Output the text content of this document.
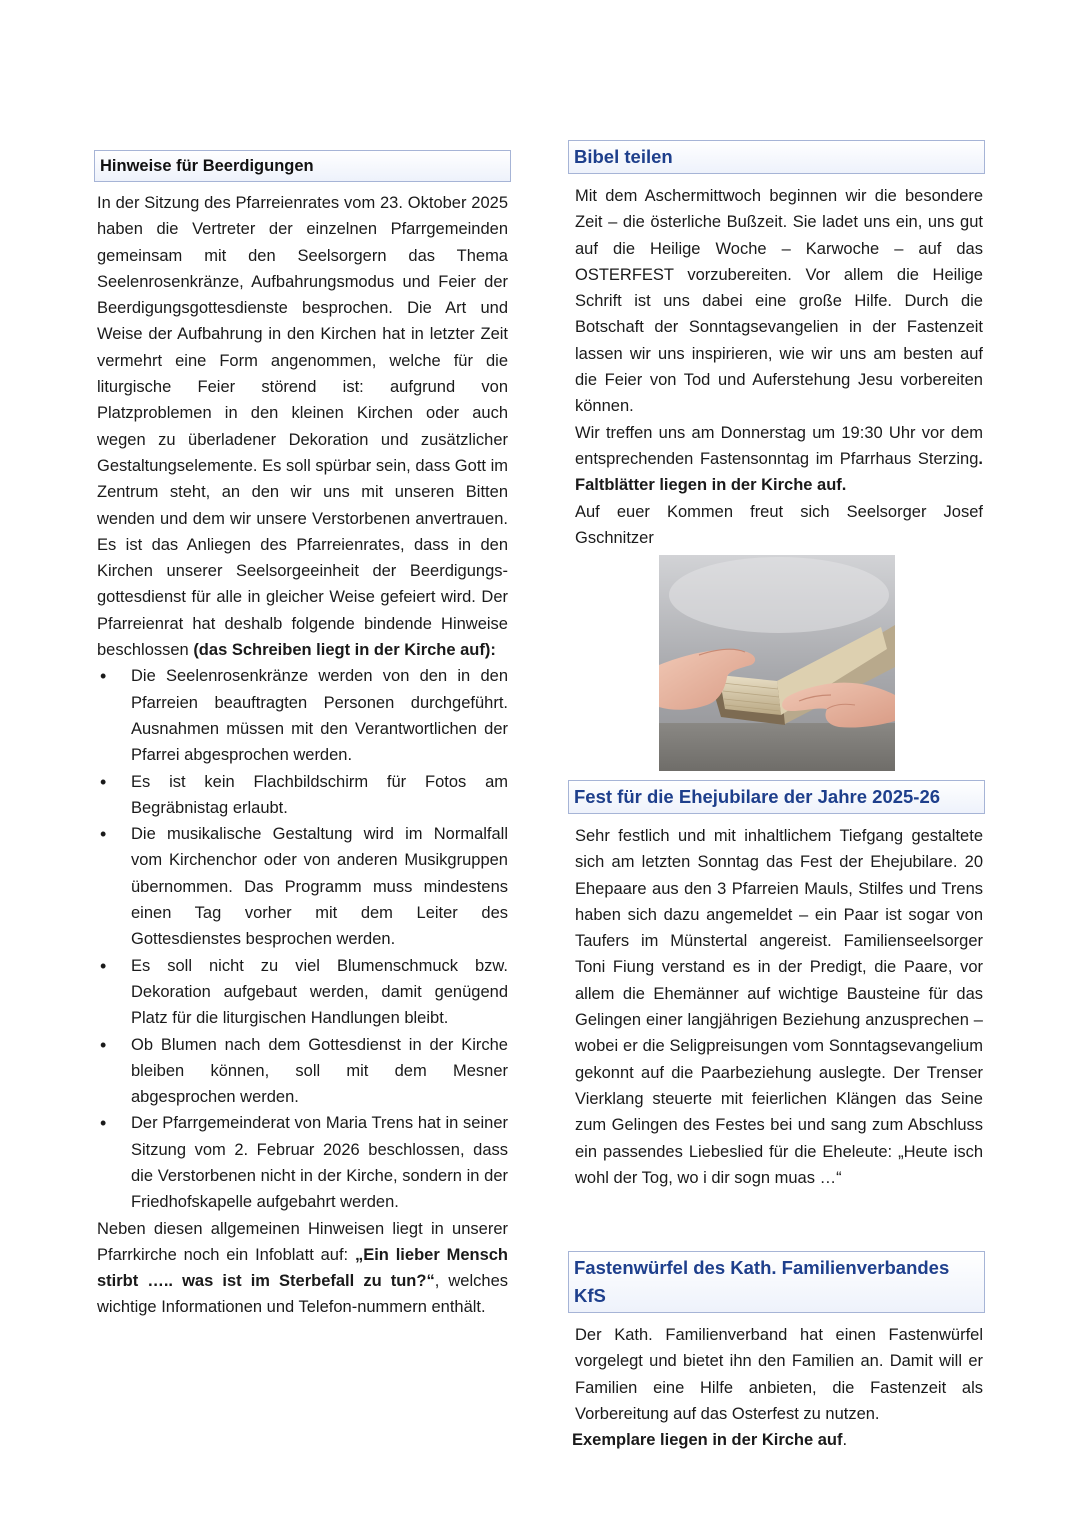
Hinweise für Beerdigungen

In der Sitzung des Pfarreienrates vom 23. Oktober 2025 haben die Vertreter der einzelnen Pfarrgemeinden gemeinsam mit den Seelsorgern das Thema Seelenrosenkränze, Aufbahrungsmodus und Feier der Beerdigungsgottesdienste besprochen. Die Art und Weise der Aufbahrung in den Kirchen hat in letzter Zeit vermehrt eine Form angenommen, welche für die liturgische Feier störend ist: aufgrund von Platzproblemen in den kleinen Kirchen oder auch wegen zu überladener Dekoration und zusätzlicher Gestaltungselemente. Es soll spürbar sein, dass Gott im Zentrum steht, an den wir uns mit unseren Bitten wenden und dem wir unsere Verstorbenen anvertrauen. Es ist das Anliegen des Pfarreienrates, dass in den Kirchen unserer Seelsorgeeinheit der Beerdigungs-gottesdienst für alle in gleicher Weise gefeiert wird. Der Pfarreienrat hat deshalb folgende bindende Hinweise beschlossen (das Schreiben liegt in der Kirche auf):

• Die Seelenrosenkränze werden von den in den Pfarreien beauftragten Personen durchgeführt. Ausnahmen müssen mit den Verantwortlichen der Pfarrei abgesprochen werden.
• Es ist kein Flachbildschirm für Fotos am Begräbnistag erlaubt.
• Die musikalische Gestaltung wird im Normalfall vom Kirchenchor oder von anderen Musikgruppen übernommen. Das Programm muss mindestens einen Tag vorher mit dem Leiter des Gottesdienstes besprochen werden.
• Es soll nicht zu viel Blumenschmuck bzw. Dekoration aufgebaut werden, damit genügend Platz für die liturgischen Handlungen bleibt.
• Ob Blumen nach dem Gottesdienst in der Kirche bleiben können, soll mit dem Mesner abgesprochen werden.
• Der Pfarrgemeinderat von Maria Trens hat in seiner Sitzung vom 2. Februar 2026 beschlossen, dass die Verstorbenen nicht in der Kirche, sondern in der Friedhofskapelle aufgebahrt werden.

Neben diesen allgemeinen Hinweisen liegt in unserer Pfarrkirche noch ein Infoblatt auf: „Ein lieber Mensch stirbt ….. was ist im Sterbefall zu tun?“, welches wichtige Informationen und Telefon-nummern enthält.

Bibel teilen

Mit dem Aschermittwoch beginnen wir die besondere Zeit – die österliche Bußzeit. Sie ladet uns ein, uns gut auf die Heilige Woche – Karwoche – auf das OSTERFEST vorzubereiten. Vor allem die Heilige Schrift ist uns dabei eine große Hilfe. Durch die Botschaft der Sonntagsevangelien in der Fastenzeit lassen wir uns inspirieren, wie wir uns am besten auf die Feier von Tod und Auferstehung Jesu vorbereiten können.

Wir treffen uns am Donnerstag um 19:30 Uhr vor dem entsprechenden Fastensonntag im Pfarrhaus Sterzing. Faltblätter liegen in der Kirche auf.

Auf euer Kommen freut sich Seelsorger Josef Gschnitzer

Fest für die Ehejubilare der Jahre 2025-26

Sehr festlich und mit inhaltlichem Tiefgang gestaltete sich am letzten Sonntag das Fest der Ehejubilare. 20 Ehepaare aus den 3 Pfarreien Mauls, Stilfes und Trens haben sich dazu angemeldet – ein Paar ist sogar von Taufers im Münstertal angereist. Familienseelsorger Toni Fiung verstand es in der Predigt, die Paare, vor allem die Ehemänner auf wichtige Bausteine für das Gelingen einer langjährigen Beziehung anzusprechen – wobei er die Seligpreisungen vom Sonntagsevangelium gekonnt auf die Paarbeziehung auslegte. Der Trenser Vierklang steuerte mit feierlichen Klängen das Seine zum Gelingen des Festes bei und sang zum Abschluss ein passendes Liebeslied für die Eheleute: „Heute isch wohl der Tog, wo i dir sogn muas …“

Fastenwürfel des Kath. Familienverbandes KfS

Der Kath. Familienverband hat einen Fastenwürfel vorgelegt und bietet ihn den Familien an. Damit will er Familien eine Hilfe anbieten, die Fastenzeit als Vorbereitung auf das Osterfest zu nutzen.

Exemplare liegen in der Kirche auf.
